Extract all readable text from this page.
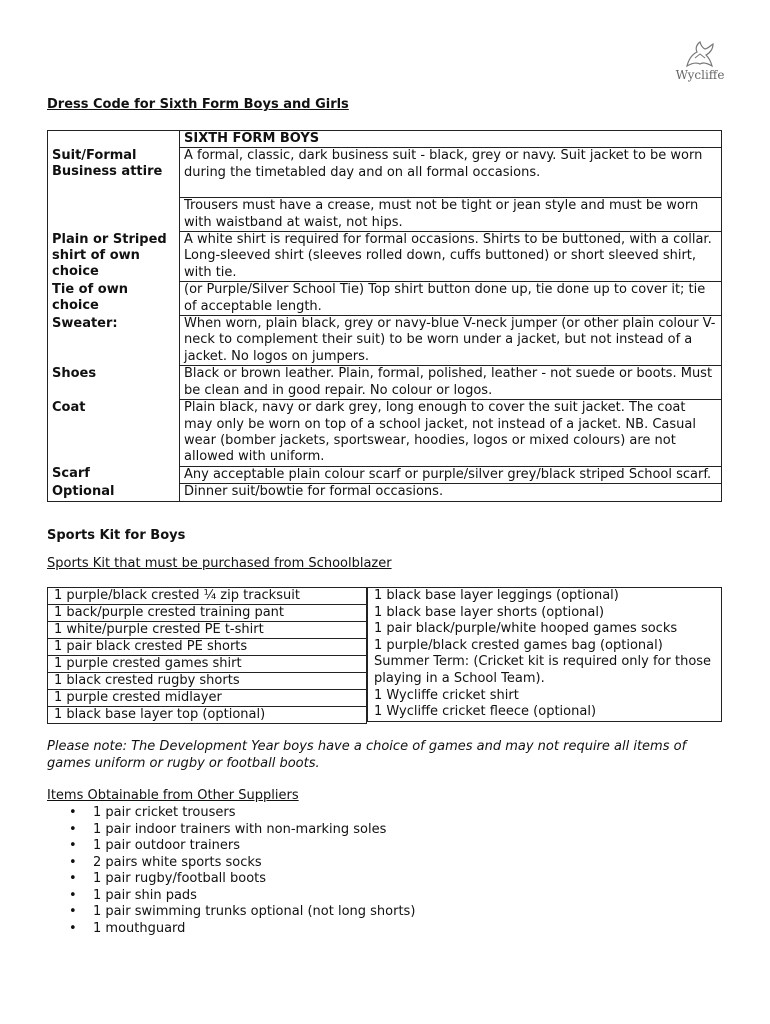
Wycliffe
Dress Code for Sixth Form Boys and Girls
	SIXTH FORM BOYS
Suit/Formal Business attire	A formal, classic, dark business suit - black, grey or navy. Suit jacket to be worn during the timetabled day and on all formal occasions.

	Trousers must have a crease, must not be tight or jean style and must be worn with waistband at waist, not hips.
Plain or Striped shirt of own choice	A white shirt is required for formal occasions. Shirts to be buttoned, with a collar. Long-sleeved shirt (sleeves rolled down, cuffs buttoned) or short sleeved shirt, with tie.
Tie of own choice	(or Purple/Silver School Tie) Top shirt button done up, tie done up to cover it; tie of acceptable length.
Sweater:	When worn, plain black, grey or navy-blue V-neck jumper (or other plain colour V-neck to complement their suit) to be worn under a jacket, but not instead of a jacket. No logos on jumpers.
Shoes	Black or brown leather. Plain, formal, polished, leather - not suede or boots. Must be clean and in good repair. No colour or logos.
Coat	Plain black, navy or dark grey, long enough to cover the suit jacket. The coat may only be worn on top of a school jacket, not instead of a jacket. NB. Casual wear (bomber jackets, sportswear, hoodies, logos or mixed colours) are not allowed with uniform.
Scarf	Any acceptable plain colour scarf or purple/silver grey/black striped School scarf.
Optional	Dinner suit/bowtie for formal occasions.
Sports Kit for Boys
Sports Kit that must be purchased from Schoolblazer
1 purple/black crested ¼ zip tracksuit
1 back/purple crested training pant
1 white/purple crested PE t-shirt
1 pair black crested PE shorts
1 purple crested games shirt
1 black crested rugby shorts
1 purple crested midlayer
1 black base layer top (optional)
1 black base layer leggings (optional)
1 black base layer shorts (optional)
1 pair black/purple/white hooped games socks
1 purple/black crested games bag (optional)
Summer Term: (Cricket kit is required only for those playing in a School Team).
1 Wycliffe cricket shirt
1 Wycliffe cricket fleece (optional)
Please note: The Development Year boys have a choice of games and may not require all items of games uniform or rugby or football boots.
Items Obtainable from Other Suppliers
• 1 pair cricket trousers
• 1 pair indoor trainers with non-marking soles
• 1 pair outdoor trainers
• 2 pairs white sports socks
• 1 pair rugby/football boots
• 1 pair shin pads
• 1 pair swimming trunks optional (not long shorts)
• 1 mouthguard
